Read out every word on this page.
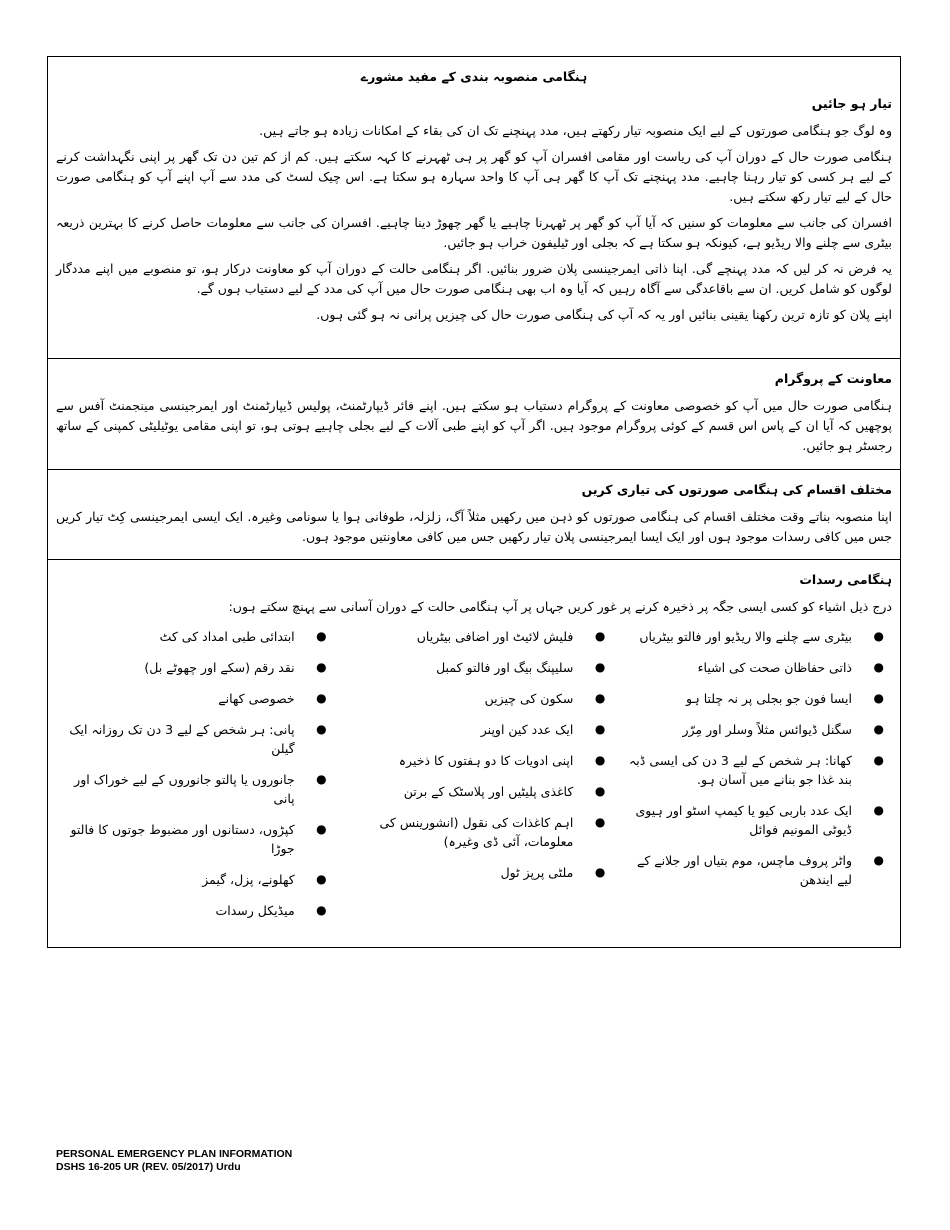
ہنگامی منصوبہ بندی کے مفید مشورے
تیار ہو جائیں

وہ لوگ جو ہنگامی صورتوں کے لیے ایک منصوبہ تیار رکھتے ہیں، مدد پہنچنے تک ان کی بقاء کے امکانات زیادہ ہو جاتے ہیں.

ہنگامی صورت حال کے دوران آپ کی ریاست اور مقامی افسران آپ کو گھر پر ہی ٹھہرنے کا کہہ سکتے ہیں. کم از کم تین دن تک گھر پر اپنی نگہداشت کرنے کے لیے ہر کسی کو تیار رہنا چاہیے. مدد پہنچنے تک آپ کا گھر ہی آپ کا واحد سہارہ ہو سکتا ہے. اس چیک لسٹ کی مدد سے آپ اپنے آپ کو ہنگامی صورت حال کے لیے تیار رکھ سکتے ہیں.

افسران کی جانب سے معلومات کو سنیں کہ آیا آپ کو گھر پر ٹھہرنا چاہیے یا گھر چھوڑ دینا چاہیے. افسران کی جانب سے معلومات حاصل کرنے کا بہترین ذریعہ بیٹری سے چلنے والا ریڈیو ہے، کیونکہ ہو سکتا ہے کہ بجلی اور ٹیلیفون خراب ہو جائیں.

یہ فرض نہ کر لیں کہ مدد پہنچے گی. اپنا ذاتی ایمرجینسی پلان ضرور بنائیں. اگر ہنگامی حالت کے دوران آپ کو معاونت درکار ہو، تو منصوبے میں اپنے مددگار لوگوں کو شامل کریں. ان سے باقاعدگی سے آگاہ رہیں کہ آیا وہ اب بھی ہنگامی صورت حال میں آپ کی مدد کے لیے دستیاب ہوں گے.

اپنے پلان کو تازہ ترین رکھنا یقینی بنائیں اور یہ کہ آپ کی ہنگامی صورت حال کی چیزیں پرانی نہ ہو گئی ہوں.

معاونت کے پروگرام

ہنگامی صورت حال میں آپ کو خصوصی معاونت کے پروگرام دستیاب ہو سکتے ہیں. اپنے فائر ڈیپارٹمنٹ، پولیس ڈیپارٹمنٹ اور ایمرجینسی مینجمنٹ آفس سے پوچھیں کہ آیا ان کے پاس اس قسم کے کوئی پروگرام موجود ہیں. اگر آپ کو اپنے طبی آلات کے لیے بجلی چاہیے ہوتی ہو، تو اپنی مقامی یوٹیلیٹی کمپنی کے ساتھ رجسٹر ہو جائیں.

مختلف اقسام کی ہنگامی صورتوں کی تیاری کریں

اپنا منصوبہ بناتے وقت مختلف اقسام کی ہنگامی صورتوں کو ذہن میں رکھیں مثلاً آگ، زلزلہ، طوفانی ہوا یا سونامی وغیرہ. ایک ایسی ایمرجینسی کِٹ تیار کریں جس میں کافی رسدات موجود ہوں اور ایک ایسا ایمرجینسی پلان تیار رکھیں جس میں کافی معاونتیں موجود ہوں.

ہنگامی رسدات

درج ذیل اشیاء کو کسی ایسی جگہ پر ذخیرہ کرنے پر غور کریں جہاں پر آپ ہنگامی حالت کے دوران آسانی سے پہنچ سکتے ہوں:

●
بیٹری سے چلنے والا ریڈیو اور فالتو بیٹریاں
●
ذاتی حفاظان صحت کی اشیاء
●
ایسا فون جو بجلی پر نہ چلتا ہو
●
سگنل ڈیوائس مثلاً وسلر اور مِرّر
●
کھانا: ہر شخص کے لیے 3 دن کی ایسی ڈبہ بند غذا جو بنانے میں آسان ہو.
●
ایک عدد باربی کیو یا کیمپ اسٹو اور ہیوی ڈیوٹی المونیم فوائل
●
واٹر پروف ماچس، موم بتیاں اور جلانے کے لیے ایندھن
●
فلیش لائیٹ اور اضافی بیٹریاں
●
سلیپنگ بیگ اور فالتو کمبل
●
سکون کی چیزیں
●
ایک عدد کین اوپنر
●
اپنی ادویات کا دو ہفتوں کا ذخیرہ
●
کاغذی پلیٹیں اور پلاسٹک کے برتن
●
اہم کاغذات کی نقول (انشورینس کی معلومات، آئی ڈی وغیرہ)
●
ملٹی پرپز ٹول
●
ابتدائی طبی امداد کی کٹ
●
نقد رقم (سکے اور چھوٹے بل)
●
خصوصی کھانے
●
پانی: ہر شخص کے لیے 3 دن تک روزانہ ایک گیلن
●
جانوروں یا پالتو جانوروں کے لیے خوراک اور پانی
●
کپڑوں، دستانوں اور مضبوط جوتوں کا فالتو جوڑا
●
کھلونے، پزل، گیمز
●
میڈیکل رسدات
PERSONAL EMERGENCY PLAN INFORMATION
DSHS 16-205 UR (REV. 05/2017) Urdu
